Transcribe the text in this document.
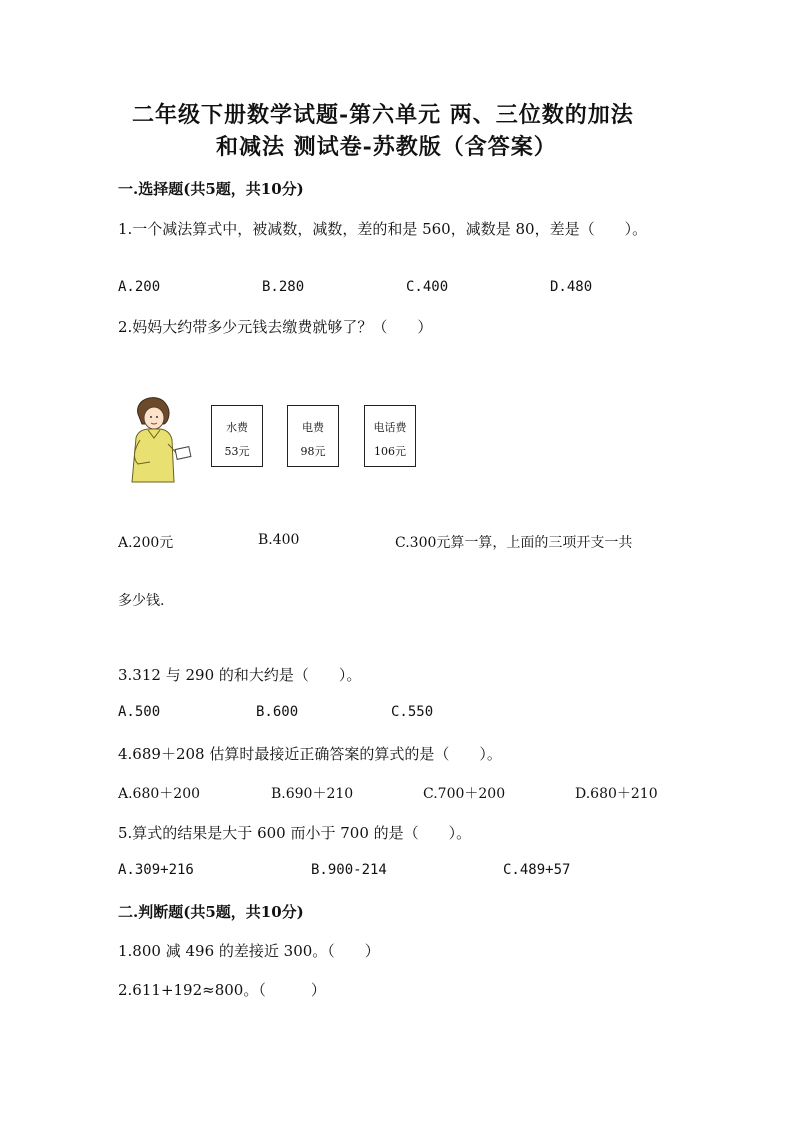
二年级下册数学试题-第六单元 两、三位数的加法
和减法 测试卷-苏教版（含答案）
一.选择题(共5题，共10分)
1.一个减法算式中，被减数，减数，差的和是 560，减数是 80，差是（　　）。
A.200	B.280	C.400	D.480
2.妈妈大约带多少元钱去缴费就够了？（　　）
水费
53元
电费
98元
电话费
106元
A.200元	B.400	C.300元算一算，上面的三项开支一共
多少钱.
3.312 与 290 的和大约是（　　）。
A.500	B.600	C.550
4.689＋208 估算时最接近正确答案的算式的是（　　）。
A.680＋200	B.690＋210	C.700＋200	D.680＋210
5.算式的结果是大于 600 而小于 700 的是（　　）。
A.309+216	B.900-214	C.489+57
二.判断题(共5题，共10分)
1.800 减 496 的差接近 300。（　　）
2.611+192≈800。（　　　）
